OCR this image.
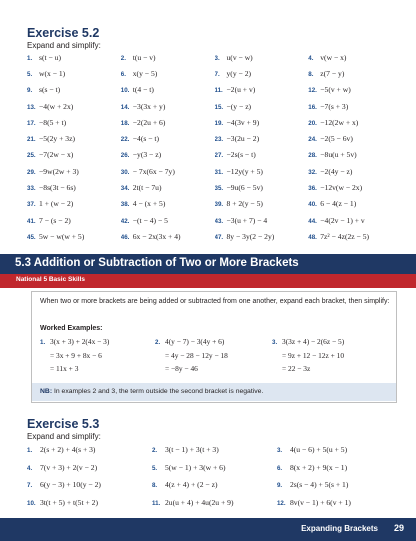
Exercise 5.2
Expand and simplify:
1. s(t − u)	2. t(u − v)	3. u(v − w)	4. v(w − x)
5. w(x − 1)	6. x(y − 5)	7. y(y − 2)	8. z(7 − y)
9. s(s − t)	10. t(4 − t)	11. −2(u + v)	12. −5(v + w)
13. −4(w + 2x)	14. −3(3x + y)	15. −(y − z)	16. −7(s + 3)
17. −8(5 + t)	18. −2(2u + 6)	19. −4(3v + 9)	20. −12(2w + x)
21. −5(2y + 3z)	22. −4(s − t)	23. −3(2u − 2)	24. −2(5 − 6v)
25. −7(2w − x)	26. −y(3 − z)	27. −2s(s − t)	28. −8u(u + 5v)
29. −9w(2w + 3)	30. − 7x(6x − 7y)	31. −12y(y + 5)	32. −2(4y − z)
33. −8s(3t − 6s)	34. 2t(t − 7u)	35. −9u(6 − 5v)	36. −12v(w − 2x)
37. 1 + (w − 2)	38. 4 − (x + 5)	39. 8 + 2(y − 5)	40. 6 − 4(z − 1)
41. 7 − (s − 2)	42. −(t − 4) − 5	43. −3(u + 7) − 4	44. −4(2v − 1) + v
45. 5w − w(w + 5)	46. 6x − 2x(3x + 4)	47. 8y − 3y(2 − 2y)	48. 7z² − 4z(2z − 5)
5.3 Addition or Subtraction of Two or More Brackets
National 5 Basic Skills
When two or more brackets are being added or subtracted from one another, expand each bracket, then simplify:
Worked Examples:
1. 3(x + 3) + 2(4x − 3)
= 3x + 9 + 8x − 6
= 11x + 3
2. 4(y − 7) − 3(4y + 6)
= 4y − 28 − 12y − 18
= −8y − 46
3. 3(3z + 4) − 2(6z − 5)
= 9z + 12 − 12z + 10
= 22 − 3z
NB: In examples 2 and 3, the term outside the second bracket is negative.
Exercise 5.3
Expand and simplify:
1.	2(s + 2) + 4(s + 3)	2.	3(t − 1) + 3(t + 3)	3.	4(u − 6) + 5(u + 5)
4.	7(v + 3) + 2(v − 2)	5.	5(w − 1) + 3(w + 6)	6.	8(x + 2) + 9(x − 1)
7.	6(y − 3) + 10(y − 2)	8.	4(z + 4) + (2 − z)	9.	2s(s − 4) + 5(s + 1)
10. 3t(t + 5) + t(5t + 2)	11. 2u(u + 4) + 4u(2u + 9)	12. 8v(v − 1) + 6(v + 1)
Expanding Brackets 29
